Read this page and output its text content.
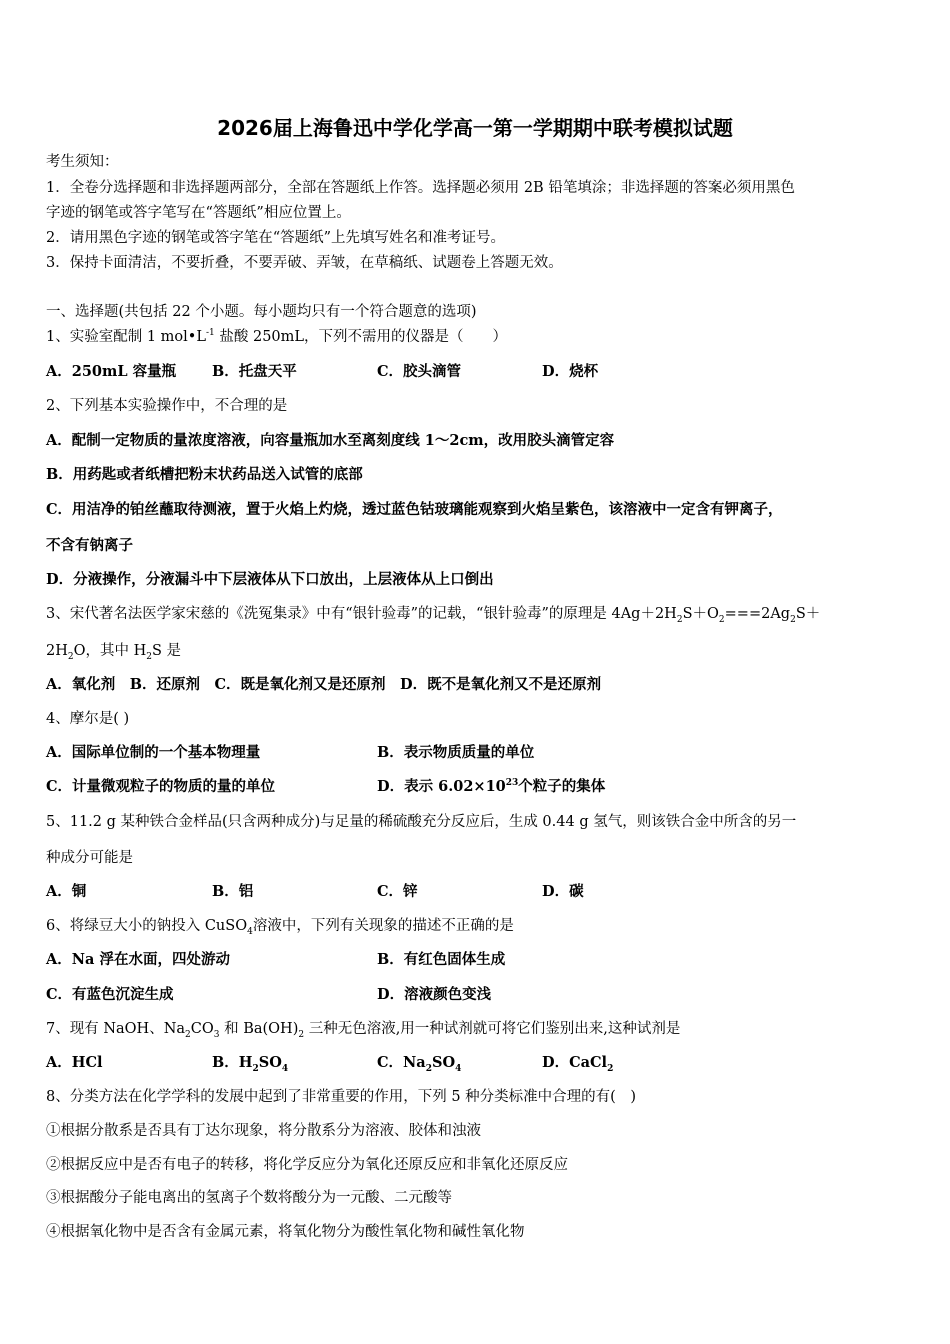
2026届上海鲁迅中学化学高一第一学期期中联考模拟试题
考生须知：
1．全卷分选择题和非选择题两部分，全部在答题纸上作答。选择题必须用 2B 铅笔填涂；非选择题的答案必须用黑色
字迹的钢笔或答字笔写在“答题纸”相应位置上。
2．请用黑色字迹的钢笔或答字笔在“答题纸”上先填写姓名和准考证号。
3．保持卡面清洁，不要折叠，不要弄破、弄皱，在草稿纸、试题卷上答题无效。
一、选择题(共包括 22 个小题。每小题均只有一个符合题意的选项)
1、实验室配制 1 $mol•L^{-1}$ 盐酸 250mL，下列不需用的仪器是（　　）
A．250mL 容量瓶 B．托盘天平	C．胶头滴管	D．烧杯
2、下列基本实验操作中，不合理的是
A．配制一定物质的量浓度溶液，向容量瓶加水至离刻度线 1～2cm，改用胶头滴管定容
B．用药匙或者纸槽把粉末状药品送入试管的底部
C．用洁净的铂丝蘸取待测液，置于火焰上灼烧，透过蓝色钴玻璃能观察到火焰呈紫色，该溶液中一定含有钾离子，
不含有钠离子
D．分液操作，分液漏斗中下层液体从下口放出，上层液体从上口倒出
3、宋代著名法医学家宋慈的《洗冤集录》中有“银针验毒”的记载，“银针验毒”的原理是 $4Ag+2H_2S+O_2===2Ag_2S+$
$2H_2O$，其中 $H_2S$ 是
A．氧化剂　B．还原剂　C．既是氧化剂又是还原剂　D．既不是氧化剂又不是还原剂
4、摩尔是( )
A．国际单位制的一个基本物理量	B．表示物质质量的单位
C．计量微观粒子的物质的量的单位	D．表示 $6.02\times 10^{23}$个粒子的集体
5、11.2 g 某种铁合金样品(只含两种成分)与足量的稀硫酸充分反应后，生成 0.44 g 氢气，则该铁合金中所含的另一
种成分可能是
A．铜	B．铝	C．锌	D．碳
6、将绿豆大小的钠投入 CuSO$_4$溶液中，下列有关现象的描述不正确的是
A．Na 浮在水面，四处游动	B．有红色固体生成
C．有蓝色沉淀生成	D．溶液颜色变浅
7、现有 NaOH、$Na_2CO_3$ 和 $Ba(OH)_2$ 三种无色溶液,用一种试剂就可将它们鉴别出来,这种试剂是
A．HCl	B．$H_2SO_4$	C．$Na_2SO_4$	D．CaCl$_2$
8、分类方法在化学学科的发展中起到了非常重要的作用，下列 5 种分类标准中合理的有(　)
①根据分散系是否具有丁达尔现象，将分散系分为溶液、胶体和浊液
②根据反应中是否有电子的转移，将化学反应分为氧化还原反应和非氧化还原反应
③根据酸分子能电离出的氢离子个数将酸分为一元酸、二元酸等
④根据氧化物中是否含有金属元素，将氧化物分为酸性氧化物和碱性氧化物
